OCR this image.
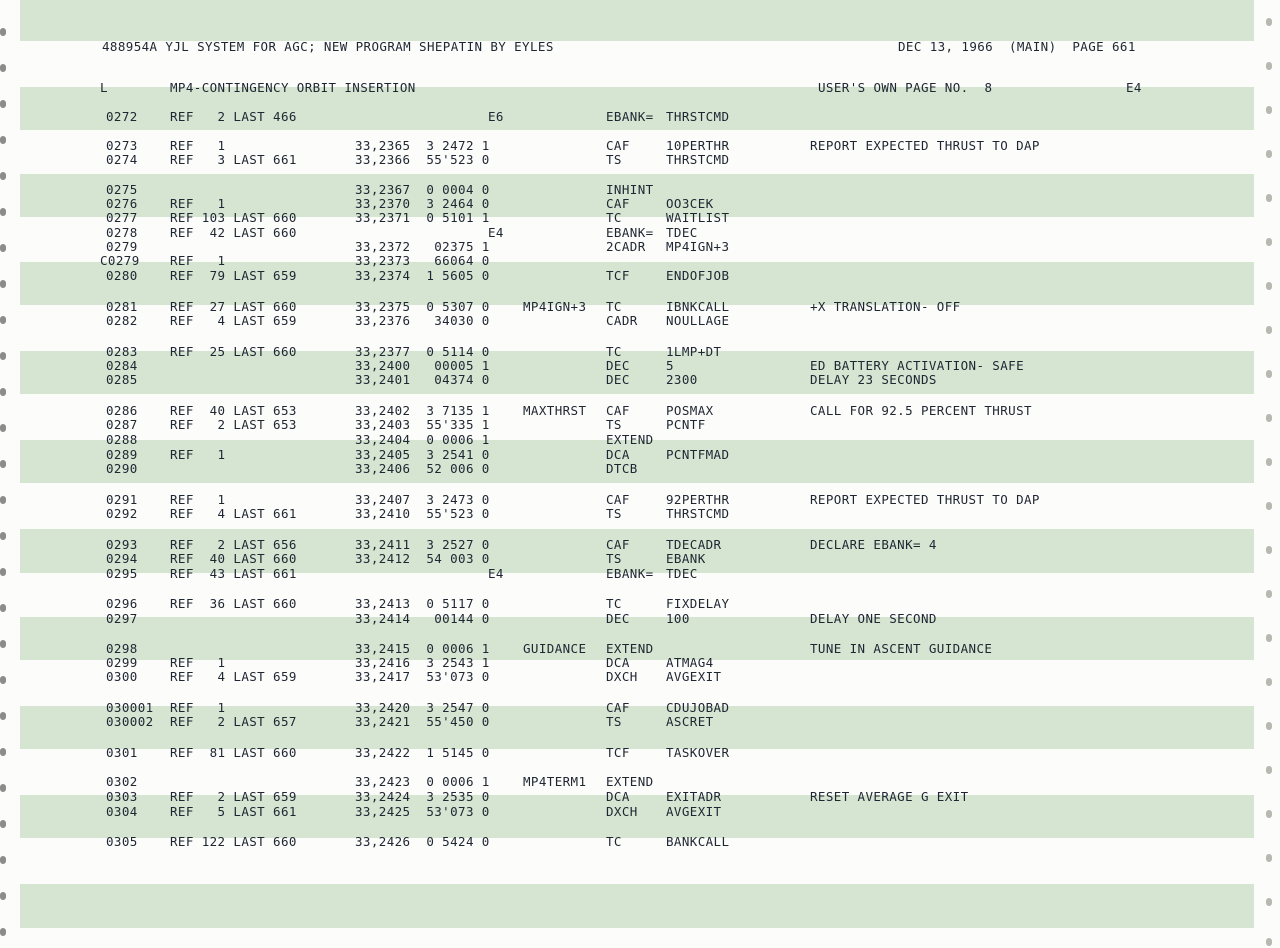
488954A YJL SYSTEM FOR AGC; NEW PROGRAM SHEPATIN BY EYLES	DEC 13, 1966  (MAIN)  PAGE 661
L	MP4-CONTINGENCY ORBIT INSERTION	USER'S OWN PAGE NO.  8	E4
0272	REF   2 LAST 466	E6	EBANK= THRSTCMD
0273	REF   1	33,2365  3 2472 1	CAF	10PERTHR	REPORT EXPECTED THRUST TO DAP
0274	REF   3 LAST 661	33,2366  55'523 0	TS	THRSTCMD
0275	33,2367  0 0004 0	INHINT
0276	REF   1	33,2370  3 2464 0	CAF	OO3CEK
0277	REF 103 LAST 660	33,2371  0 5101 1	TC	WAITLIST
0278	REF  42 LAST 660	E4	EBANK= TDEC
0279	33,2372   02375 1	2CADR MP4IGN+3
C0279 REF   1	33,2373   66064 0
0280	REF  79 LAST 659	33,2374  1 5605 0	TCF	ENDOFJOB
0281	REF  27 LAST 660	33,2375  0 5307 0	MP4IGN+3 TC	IBNKCALL	+X TRANSLATION- OFF
0282	REF   4 LAST 659	33,2376   34030 0	CADR NOULLAGE
0283	REF  25 LAST 660	33,2377  0 5114 0	TC	1LMP+DT
0284	33,2400   00005 1	DEC	5	ED BATTERY ACTIVATION- SAFE
0285	33,2401   04374 0	DEC	2300	DELAY 23 SECONDS
0286	REF  40 LAST 653	33,2402  3 7135 1	MAXTHRST CAF	POSMAX	CALL FOR 92.5 PERCENT THRUST
0287	REF   2 LAST 653	33,2403  55'335 1	TS	PCNTF
0288	33,2404  0 0006 1	EXTEND
0289	REF   1	33,2405  3 2541 0	DCA	PCNTFMAD
0290	33,2406  52 006 0	DTCB
0291	REF   1	33,2407  3 2473 0	CAF	92PERTHR	REPORT EXPECTED THRUST TO DAP
0292	REF   4 LAST 661	33,2410  55'523 0	TS	THRSTCMD
0293	REF   2 LAST 656	33,2411  3 2527 0	CAF	TDECADR	DECLARE EBANK= 4
0294	REF  40 LAST 660	33,2412  54 003 0	TS	EBANK
0295	REF  43 LAST 661	E4	EBANK= TDEC
0296	REF  36 LAST 660	33,2413  0 5117 0	TC	FIXDELAY
0297	33,2414   00144 0	DEC	100	DELAY ONE SECOND
0298	33,2415  0 0006 1	GUIDANCE EXTEND	TUNE IN ASCENT GUIDANCE
0299	REF   1	33,2416  3 2543 1	DCA	ATMAG4
0300	REF   4 LAST 659	33,2417  53'073 0	DXCH AVGEXIT
030001 REF   1	33,2420  3 2547 0	CAF	CDUJOBAD
030002 REF   2 LAST 657	33,2421  55'450 0	TS	ASCRET
0301	REF  81 LAST 660	33,2422  1 5145 0	TCF	TASKOVER
0302	33,2423  0 0006 1	MP4TERM1 EXTEND
0303	REF   2 LAST 659	33,2424  3 2535 0	DCA	EXITADR	RESET AVERAGE G EXIT
0304	REF   5 LAST 661	33,2425  53'073 0	DXCH AVGEXIT
0305	REF 122 LAST 660	33,2426  0 5424 0	TC	BANKCALL
